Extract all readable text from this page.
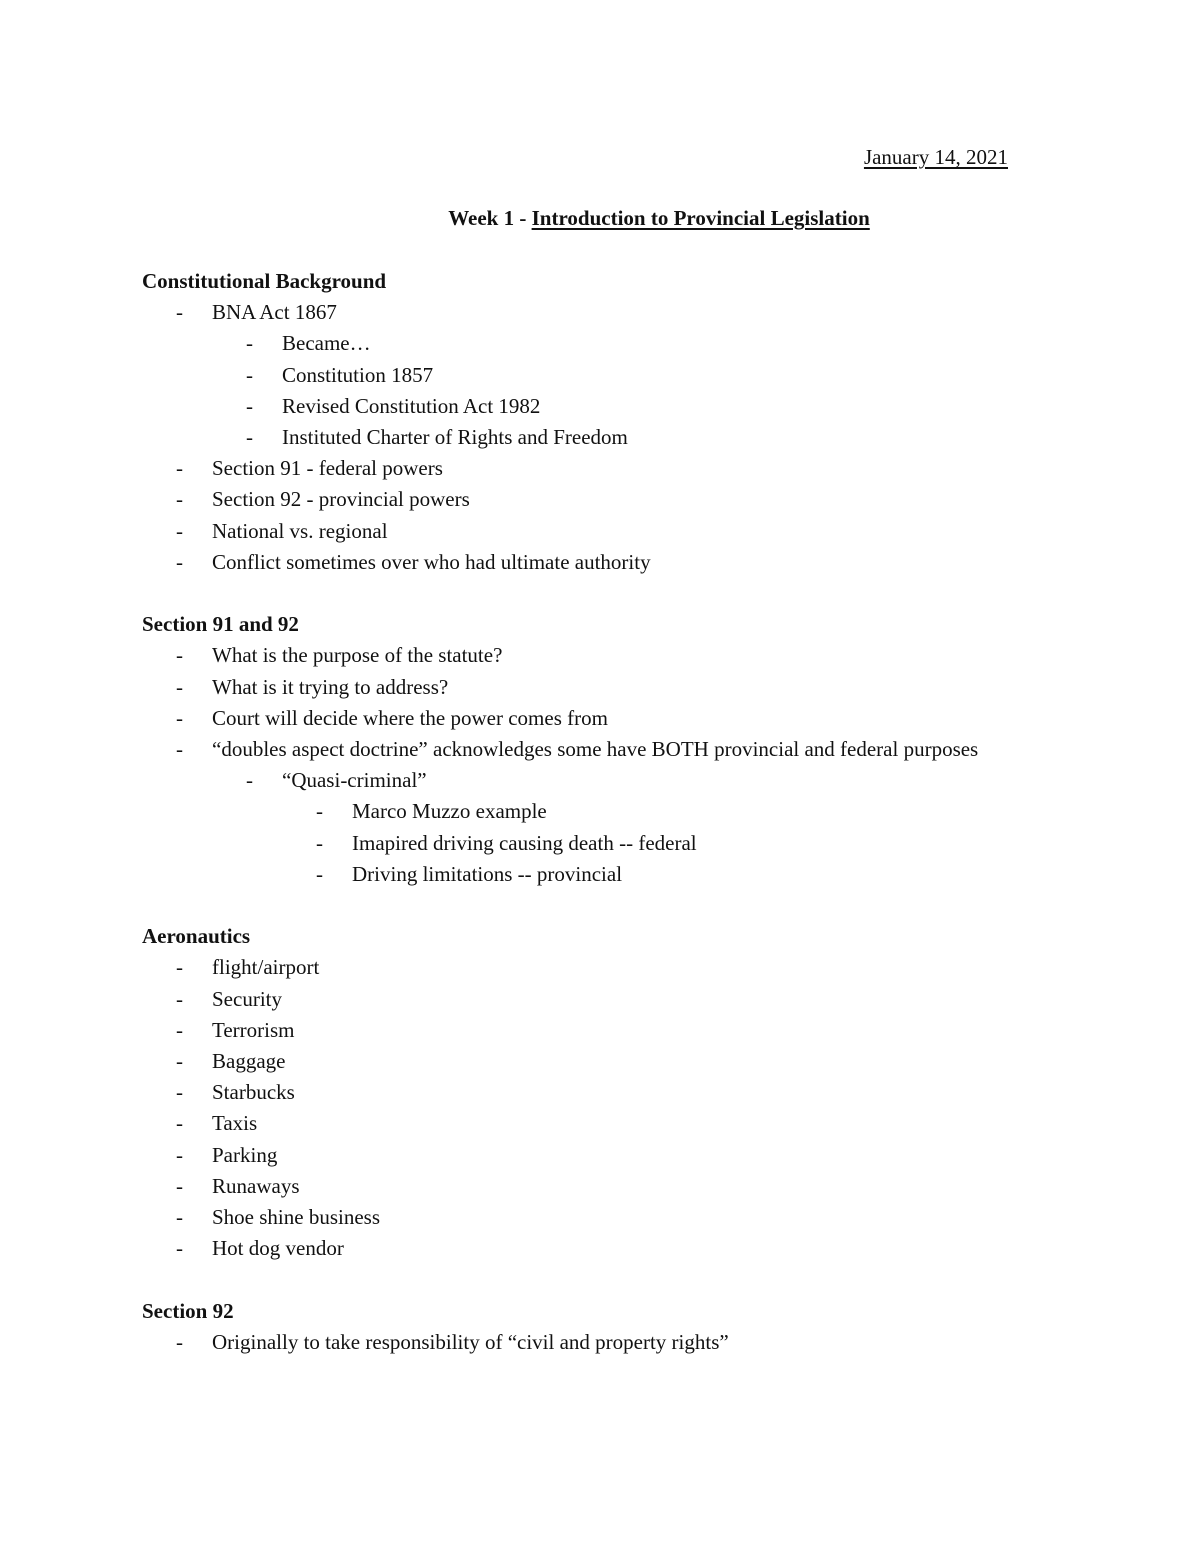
January 14, 2021
Week 1 - Introduction to Provincial Legislation
Constitutional Background
-	BNA Act 1867
-	Became…
-	Constitution 1857
-	Revised Constitution Act 1982
-	Instituted Charter of Rights and Freedom
-	Section 91 - federal powers
-	Section 92 - provincial powers
-	National vs. regional
-	Conflict sometimes over who had ultimate authority
Section 91 and 92
-	What is the purpose of the statute?
-	What is it trying to address?
-	Court will decide where the power comes from
-	“doubles aspect doctrine” acknowledges some have BOTH provincial and federal purposes
-	“Quasi-criminal”
-	Marco Muzzo example
-	Imapired driving causing death -- federal
-	Driving limitations -- provincial
Aeronautics
-	flight/airport
-	Security
-	Terrorism
-	Baggage
-	Starbucks
-	Taxis
-	Parking
-	Runaways
-	Shoe shine business
-	Hot dog vendor
Section 92
-	Originally to take responsibility of “civil and property rights”
